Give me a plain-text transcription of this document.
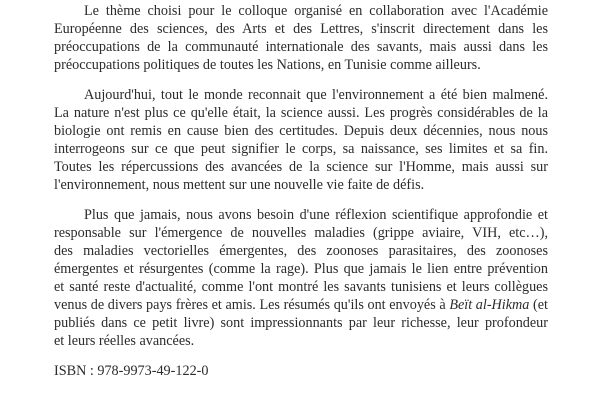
Le thème choisi pour le colloque organisé en collaboration avec l'Académie
Européenne des sciences, des Arts et des Lettres, s'inscrit directement dans les
préoccupations de la communauté internationale des savants, mais aussi dans les
préoccupations politiques de toutes les Nations, en Tunisie comme ailleurs.

Aujourd'hui, tout le monde reconnait que l'environnement a été bien malmené.
La nature n'est plus ce qu'elle était, la science aussi. Les progrès considérables de la
biologie ont remis en cause bien des certitudes. Depuis deux décennies, nous nous
interrogeons sur ce que peut signifier le corps, sa naissance, ses limites et sa fin.
Toutes les répercussions des avancées de la science sur l'Homme, mais aussi sur
l'environnement, nous mettent sur une nouvelle vie faite de défis.

Plus que jamais, nous avons besoin d'une réflexion scientifique approfondie et
responsable sur l'émergence de nouvelles maladies (grippe aviaire, VIH, etc…),
des maladies vectorielles émergentes, des zoonoses parasitaires, des zoonoses
émergentes et résurgentes (comme la rage). Plus que jamais le lien entre prévention
et santé reste d'actualité, comme l'ont montré les savants tunisiens et leurs collègues
venus de divers pays frères et amis. Les résumés qu'ils ont envoyés à Beït al-Hikma (et
publiés dans ce petit livre) sont impressionnants par leur richesse, leur profondeur
et leurs réelles avancées.

ISBN : 978-9973-49-122-0
